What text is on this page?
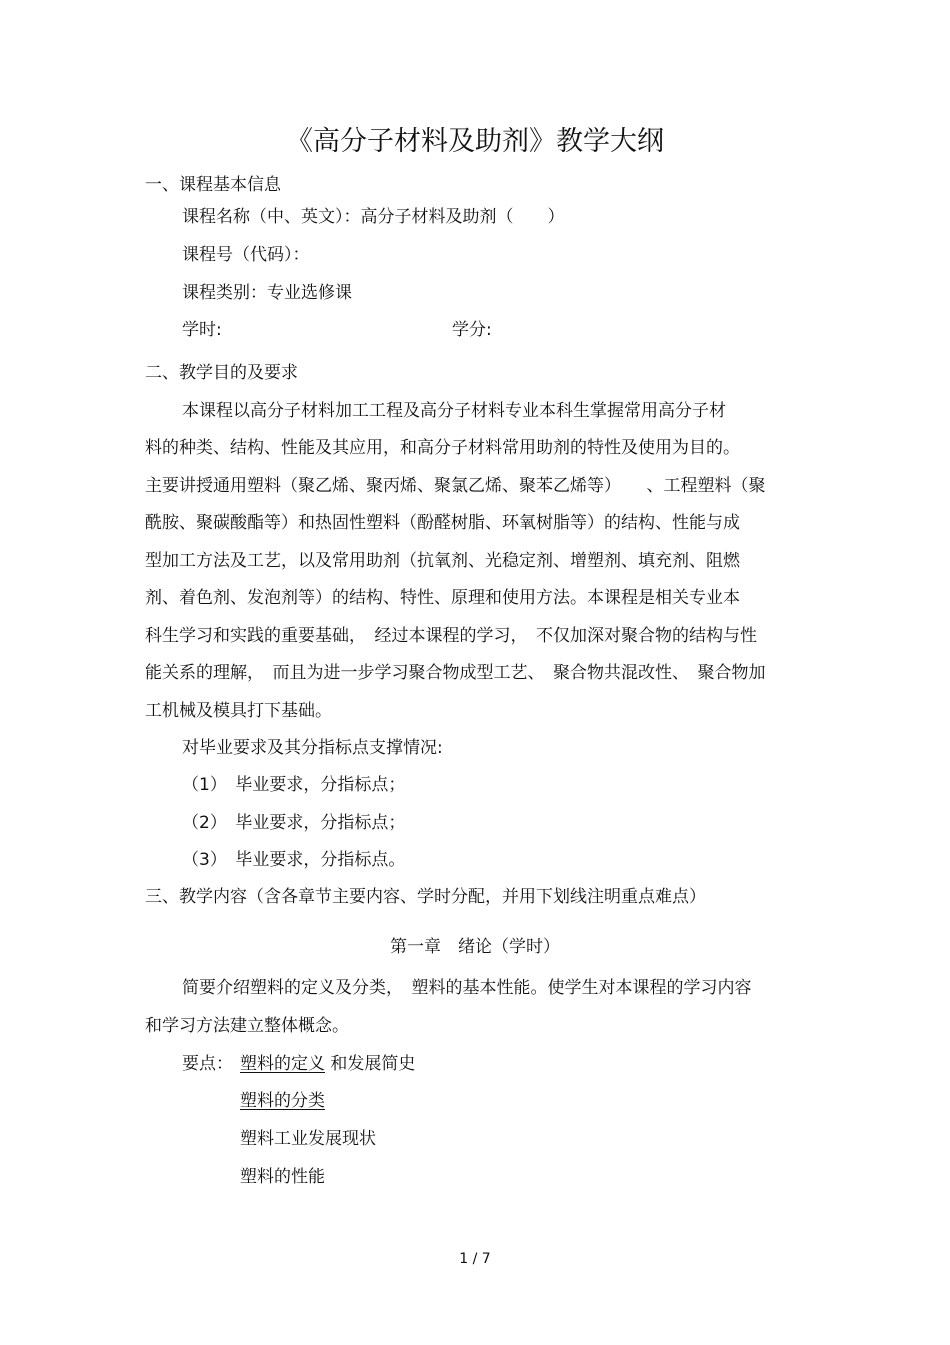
《高分子材料及助剂》教学大纲
一、课程基本信息
课程名称（中、英文）：高分子材料及助剂（　　）
课程号（代码）：
课程类别：专业选修课
学时:	学分:
二、教学目的及要求
本课程以高分子材料加工工程及高分子材料专业本科生掌握常用高分子材
料的种类、结构、性能及其应用，和高分子材料常用助剂的特性及使用为目的。
主要讲授通用塑料（聚乙烯、聚丙烯、聚氯乙烯、聚苯乙烯等）　　、工程塑料（聚
酰胺、聚碳酸酯等）和热固性塑料（酚醛树脂、环氧树脂等）的结构、性能与成
型加工方法及工艺，以及常用助剂（抗氧剂、光稳定剂、增塑剂、填充剂、阻燃
剂、着色剂、发泡剂等）的结构、特性、原理和使用方法。本课程是相关专业本
科生学习和实践的重要基础，　经过本课程的学习，　不仅加深对聚合物的结构与性
能关系的理解，　而且为进一步学习聚合物成型工艺、　聚合物共混改性、　聚合物加
工机械及模具打下基础。
对毕业要求及其分指标点支撑情况:
（1）　毕业要求，分指标点；
（2）　毕业要求，分指标点；
（3）　毕业要求，分指标点。
三、教学内容（含各章节主要内容、学时分配，并用下划线注明重点难点）
第一章　绪论（学时）
简要介绍塑料的定义及分类，　塑料的基本性能。使学生对本课程的学习内容
和学习方法建立整体概念。
要点： 塑料的定义 和发展简史
塑料的分类
塑料工业发展现状
塑料的性能
1 / 7
